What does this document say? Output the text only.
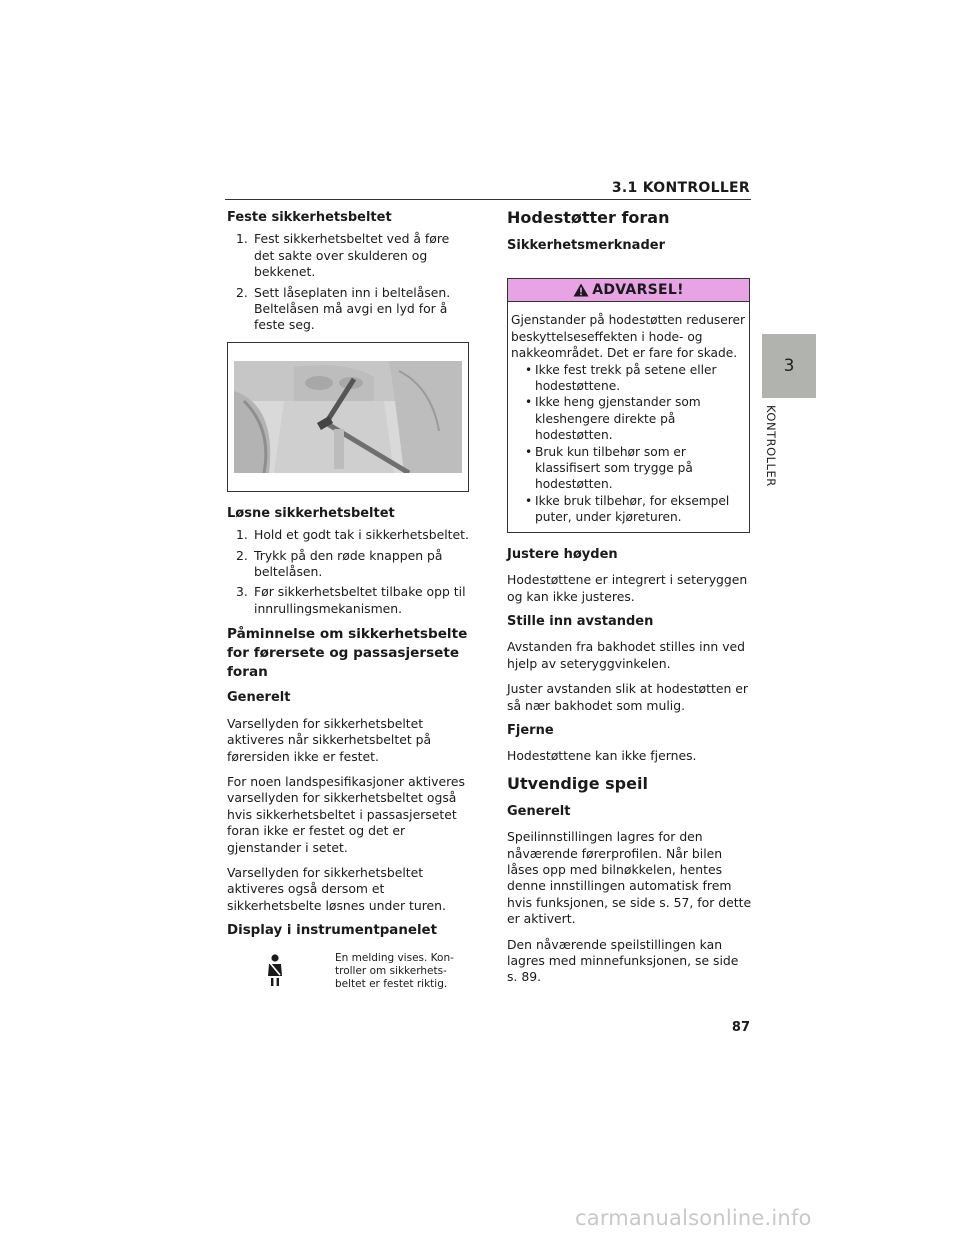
3.1 KONTROLLER
Feste sikkerhetsbeltet
1. Fest sikkerhetsbeltet ved å føre det sakte over skulderen og bekkenet.
2. Sett låseplaten inn i beltelåsen. Beltelåsen må avgi en lyd for å feste seg.
Løsne sikkerhetsbeltet
1. Hold et godt tak i sikkerhetsbeltet.
2. Trykk på den røde knappen på beltelåsen.
3. Før sikkerhetsbeltet tilbake opp til innrullingsmekanismen.
Påminnelse om sikkerhetsbelte for førersete og passasjersete foran
Generelt

Varsellyden for sikkerhetsbeltet aktiveres når sikkerhetsbeltet på førersiden ikke er festet.

For noen landspesifikasjoner aktiveres varsellyden for sikkerhetsbeltet også hvis sikkerhetsbeltet i passasjersetet foran ikke er festet og det er gjenstander i setet.

Varsellyden for sikkerhetsbeltet aktiveres også dersom et sikkerhetsbelte løsnes under turen.

Display i instrumentpanelet
En melding vises. Kon-troller om sikkerhets-beltet er festet riktig.
Hodestøtter foran
Sikkerhetsmerknader
ADVARSEL!
Gjenstander på hodestøtten reduserer beskyttelseseffekten i hode- og nakkeområdet. Det er fare for skade.
• Ikke fest trekk på setene eller hodestøttene.
• Ikke heng gjenstander som kleshengere direkte på hodestøtten.
• Bruk kun tilbehør som er klassifisert som trygge på hodestøtten.
• Ikke bruk tilbehør, for eksempel puter, under kjøreturen.
Justere høyden

Hodestøttene er integrert i seteryggen og kan ikke justeres.

Stille inn avstanden

Avstanden fra bakhodet stilles inn ved hjelp av seteryggvinkelen.

Juster avstanden slik at hodestøtten er så nær bakhodet som mulig.

Fjerne

Hodestøttene kan ikke fjernes.

Utvendige speil
Generelt

Speilinnstillingen lagres for den nåværende førerprofilen. Når bilen låses opp med bilnøkkelen, hentes denne innstillingen automatisk frem hvis funksjonen, se side s. 57, for dette er aktivert.

Den nåværende speilstillingen kan lagres med minnefunksjonen, se side s. 89.

3
KONTROLLER
87
carmanualsonline.info
